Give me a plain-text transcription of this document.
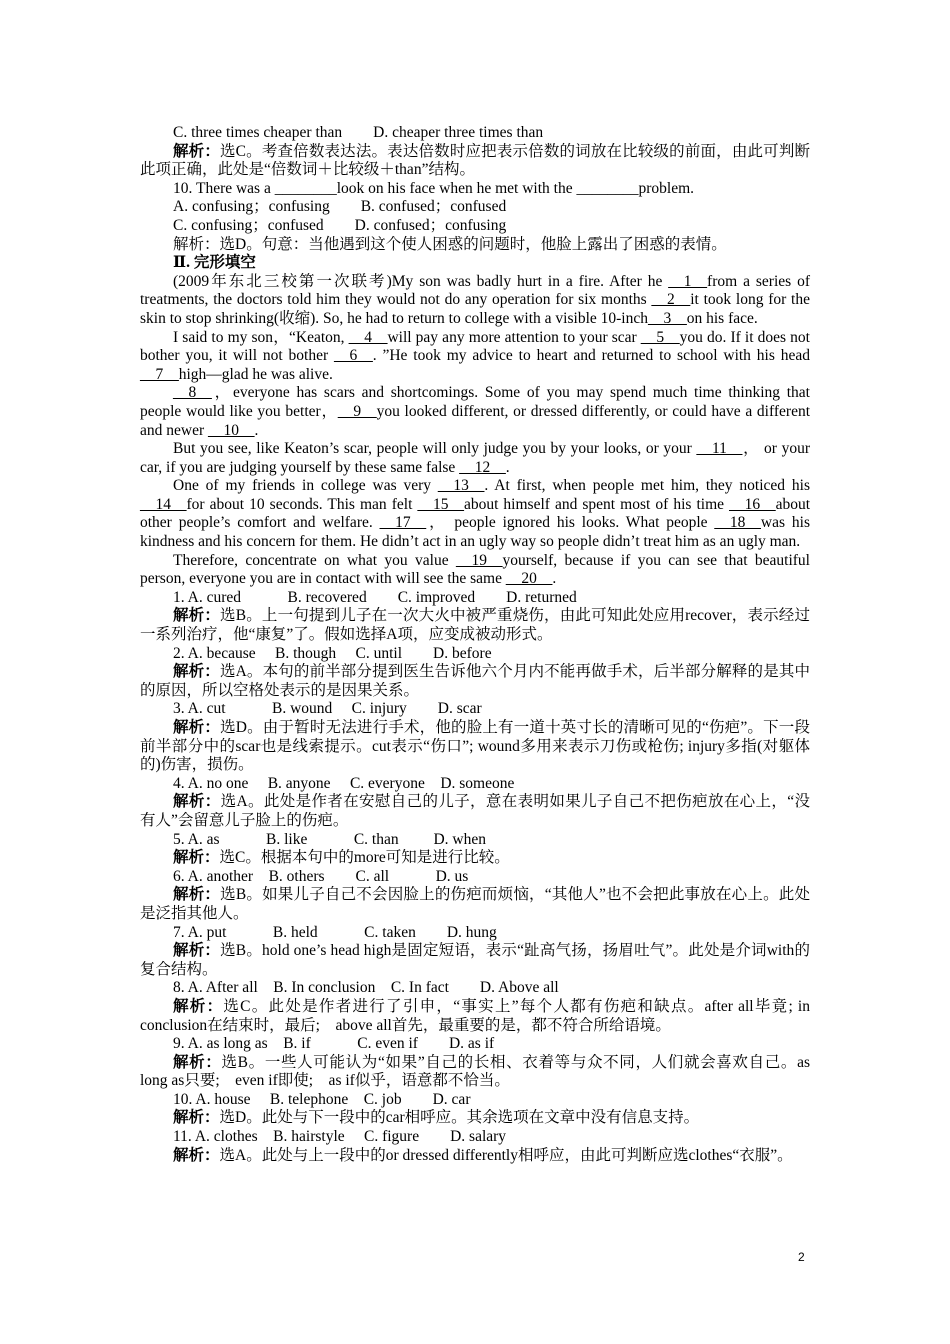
C. three times cheaper than　　D. cheaper three times than

解析：选C。考查倍数表达法。表达倍数时应把表示倍数的词放在比较级的前面，由此可判断此项正确，此处是“倍数词＋比较级＋than”结构。

10. There was a ________look on his face when he met with the ________problem.

A. confusing；confusing　　B. confused；confused

C. confusing；confused　　D. confused；confusing

解析：选D。句意：当他遇到这个使人困惑的问题时，他脸上露出了困惑的表情。

Ⅱ. 完形填空

(2009年东北三校第一次联考)My son was badly hurt in a fire. After he __1__from a series of treatments, the doctors told him they would not do any operation for six months __2__it took long for the skin to stop shrinking(收缩). So, he had to return to college with a visible 10-inch__3__on his face.

I said to my son，“Keaton, __4__will pay any more attention to your scar __5__you do. If it does not bother you, it will not bother __6__. ”He took my advice to heart and returned to school with his head __7__high—glad he was alive.

__8__，everyone has scars and shortcomings. Some of you may spend much time thinking that people would like you better，__9__you looked different, or dressed differently, or could have a different and newer __10__.

But you see, like Keaton’s scar, people will only judge you by your looks, or your __11__， or your car, if you are judging yourself by these same false __12__.

One of my friends in college was very __13__. At first, when people met him, they noticed his __14__for about 10 seconds. This man felt __15__about himself and spent most of his time __16__about other people’s comfort and welfare. __17__， people ignored his looks. What people __18__was his kindness and his concern for them. He didn’t act in an ugly way so people didn’t treat him as an ugly man.

Therefore, concentrate on what you value __19__yourself, because if you can see that beautiful person, everyone you are in contact with will see the same __20__.

1. A. cured　　　B. recovered　　C. improved　　D. returned

解析：选B。上一句提到儿子在一次大火中被严重烧伤，由此可知此处应用recover，表示经过一系列治疗，他“康复”了。假如选择A项，应变成被动形式。

2. A. because　 B. though　 C. until　　D. before

解析：选A。本句的前半部分提到医生告诉他六个月内不能再做手术，后半部分解释的是其中的原因，所以空格处表示的是因果关系。

3. A. cut　　　B. wound　 C. injury　　D. scar

解析：选D。由于暂时无法进行手术，他的脸上有一道十英寸长的清晰可见的“伤疤”。下一段前半部分中的scar也是线索提示。cut表示“伤口”; wound多用来表示刀伤或枪伤; injury多指(对躯体的)伤害，损伤。

4. A. no one　 B. anyone　 C. everyone　D. someone

解析：选A。此处是作者在安慰自己的儿子，意在表明如果儿子自己不把伤疤放在心上，“没有人”会留意儿子脸上的伤疤。

5. A. as　　　B. like　　　C. than　　 D. when

解析：选C。根据本句中的more可知是进行比较。

6. A. another　B. others　　C. all　　　D. us

解析：选B。如果儿子自己不会因脸上的伤疤而烦恼，“其他人”也不会把此事放在心上。此处是泛指其他人。

7. A. put　　　B. held　　　C. taken　　D. hung

解析：选B。hold one’s head high是固定短语，表示“趾高气扬，扬眉吐气”。此处是介词with的复合结构。

8. A. After all　B. In conclusion　C. In fact　　D. Above all

解析：选C。此处是作者进行了引申，“事实上”每个人都有伤疤和缺点。after all毕竟; in conclusion在结束时，最后;　above all首先，最重要的是，都不符合所给语境。

9. A. as long as　B. if　　　C. even if　　D. as if

解析：选B。一些人可能认为“如果”自己的长相、衣着等与众不同，人们就会喜欢自己。as long as只要;　even if即使;　as if似乎，语意都不恰当。

10. A. house　 B. telephone　C. job　　D. car

解析：选D。此处与下一段中的car相呼应。其余选项在文章中没有信息支持。

11. A. clothes　B. hairstyle　 C. figure　　D. salary

解析：选A。此处与上一段中的or dressed differently相呼应，由此可判断应选clothes“衣服”。

2
